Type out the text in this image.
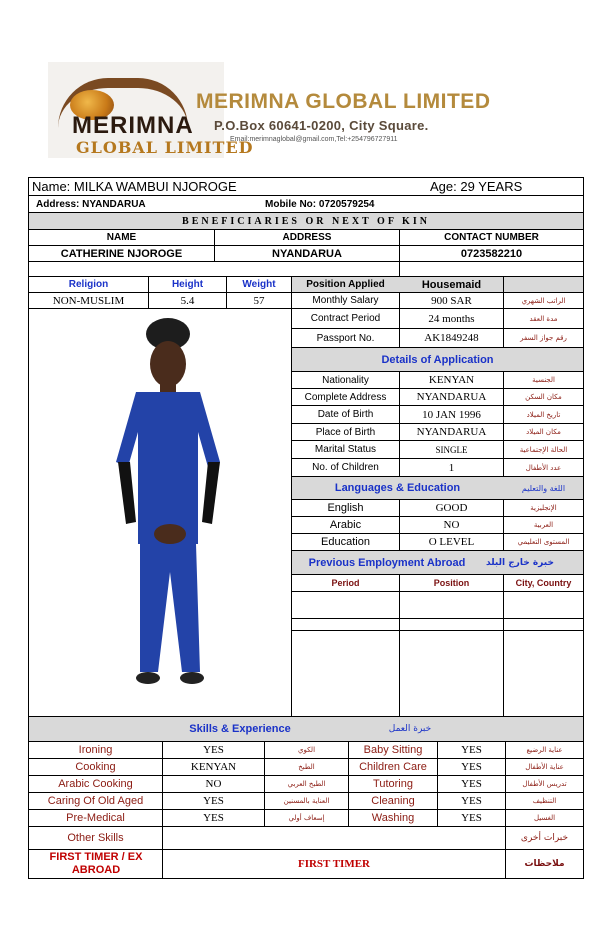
MERIMNA
GLOBAL LIMITED
MERIMNA GLOBAL LIMITED
P.O.Box 60641-0200, City Square.
Email:merimnaglobal@gmail.com,Tel:+254796727911
Name: MILKA WAMBUI NJOROGE	Age: 29 YEARS
Address: NYANDARUA	Mobile No: 0720579254
BENEFICIARIES OR NEXT OF KIN
NAME	ADDRESS	CONTACT NUMBER
CATHERINE NJOROGE	NYANDARUA	0723582210
Religion	Height	Weight	Position Applied	Housemaid
NON-MUSLIM	5.4	57	Monthly Salary	900 SAR	الراتب الشهري
Contract Period	24 months	مدة العقد
Passport No.	AK1849248	رقم جواز السفر
Details of Application
Nationality	KENYAN	الجنسية
Complete Address	NYANDARUA	مكان السكن
Date of Birth	10 JAN 1996	تاريخ الميلاد
Place of Birth	NYANDARUA	مكان الميلاد
Marital Status	SINGLE	الحالة الإجتماعية
No. of Children	1	عدد الأطفال
Languages & Education	اللغة والتعليم
English	GOOD	الإنجليزية
Arabic	NO	العربية
Education	O LEVEL	المستوى التعليمي
Previous Employment Abroad	خبرة خارج البلد
Period	Position	City, Country
Skills & Experience	خبرة العمل
Ironing	YES	الكوي	Baby Sitting	YES	عناية الرضيع
Cooking	KENYAN	الطبخ	Children Care	YES	عناية الأطفال
Arabic Cooking	NO	الطبخ العربي	Tutoring	YES	تدريس الأطفال
Caring Of Old Aged	YES	العناية بالمسنين	Cleaning	YES	التنظيف
Pre-Medical	YES	إسعاف أولي	Washing	YES	الغسيل
Other Skills	خبرات أخرى
FIRST TIMER / EX ABROAD	FIRST TIMER	ملاحظات
